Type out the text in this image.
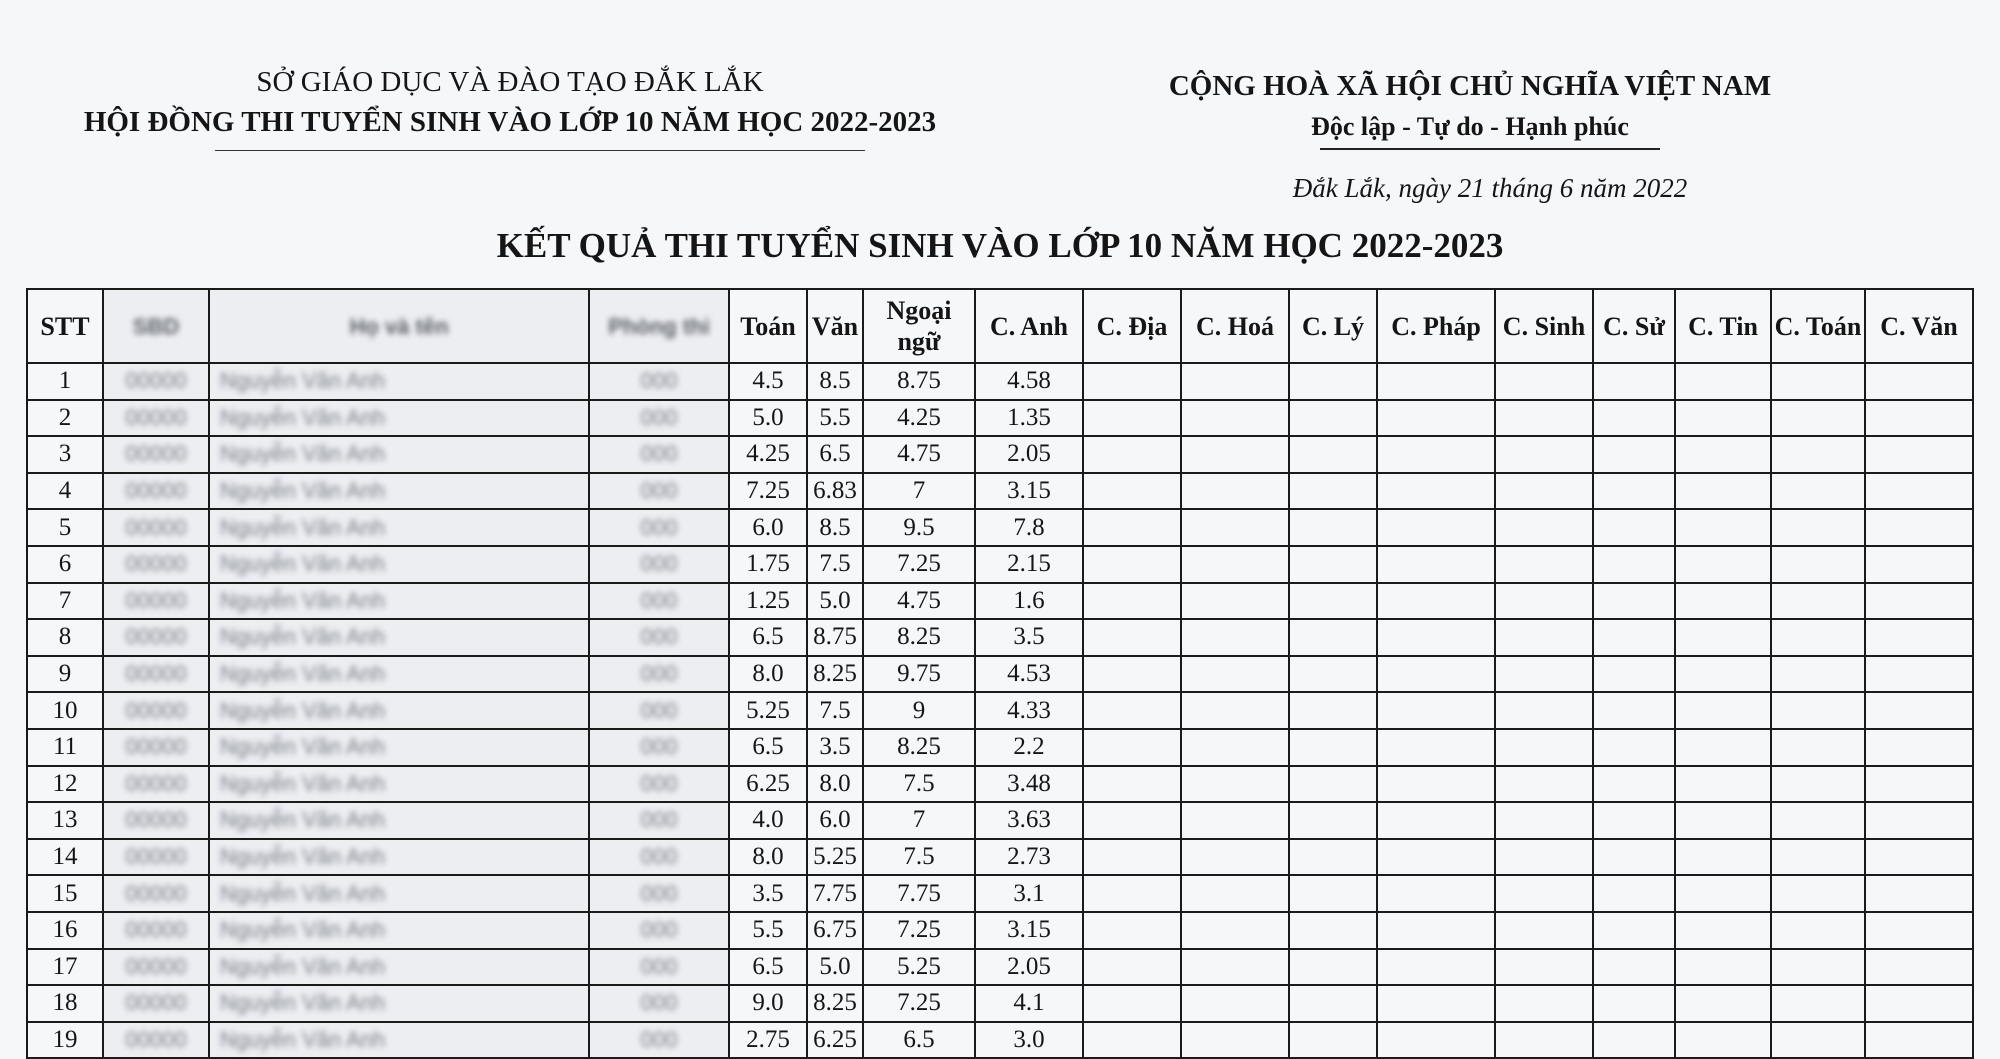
SỞ GIÁO DỤC VÀ ĐÀO TẠO ĐẮK LẮK
HỘI ĐỒNG THI TUYỂN SINH VÀO LỚP 10 NĂM HỌC 2022-2023
CỘNG HOÀ XÃ HỘI CHỦ NGHĨA VIỆT NAM
Độc lập - Tự do - Hạnh phúc
Đắk Lắk, ngày 21 tháng 6 năm 2022
KẾT QUẢ THI TUYỂN SINH VÀO LỚP 10 NĂM HỌC 2022-2023
STT	SBD	Họ và tên	Phòng thi	Toán	Văn	Ngoại ngữ	C. Anh	C. Địa	C. Hoá	C. Lý	C. Pháp	C. Sinh	C. Sử	C. Tin	C. Toán	C. Văn
1	00000	Nguyễn Văn Anh	000	4.5	8.5	8.75	4.58									
2	00000	Nguyễn Văn Anh	000	5.0	5.5	4.25	1.35									
3	00000	Nguyễn Văn Anh	000	4.25	6.5	4.75	2.05									
4	00000	Nguyễn Văn Anh	000	7.25	6.83	7	3.15									
5	00000	Nguyễn Văn Anh	000	6.0	8.5	9.5	7.8									
6	00000	Nguyễn Văn Anh	000	1.75	7.5	7.25	2.15									
7	00000	Nguyễn Văn Anh	000	1.25	5.0	4.75	1.6									
8	00000	Nguyễn Văn Anh	000	6.5	8.75	8.25	3.5									
9	00000	Nguyễn Văn Anh	000	8.0	8.25	9.75	4.53									
10	00000	Nguyễn Văn Anh	000	5.25	7.5	9	4.33									
11	00000	Nguyễn Văn Anh	000	6.5	3.5	8.25	2.2									
12	00000	Nguyễn Văn Anh	000	6.25	8.0	7.5	3.48									
13	00000	Nguyễn Văn Anh	000	4.0	6.0	7	3.63									
14	00000	Nguyễn Văn Anh	000	8.0	5.25	7.5	2.73									
15	00000	Nguyễn Văn Anh	000	3.5	7.75	7.75	3.1									
16	00000	Nguyễn Văn Anh	000	5.5	6.75	7.25	3.15									
17	00000	Nguyễn Văn Anh	000	6.5	5.0	5.25	2.05									
18	00000	Nguyễn Văn Anh	000	9.0	8.25	7.25	4.1									
19	00000	Nguyễn Văn Anh	000	2.75	6.25	6.5	3.0									
